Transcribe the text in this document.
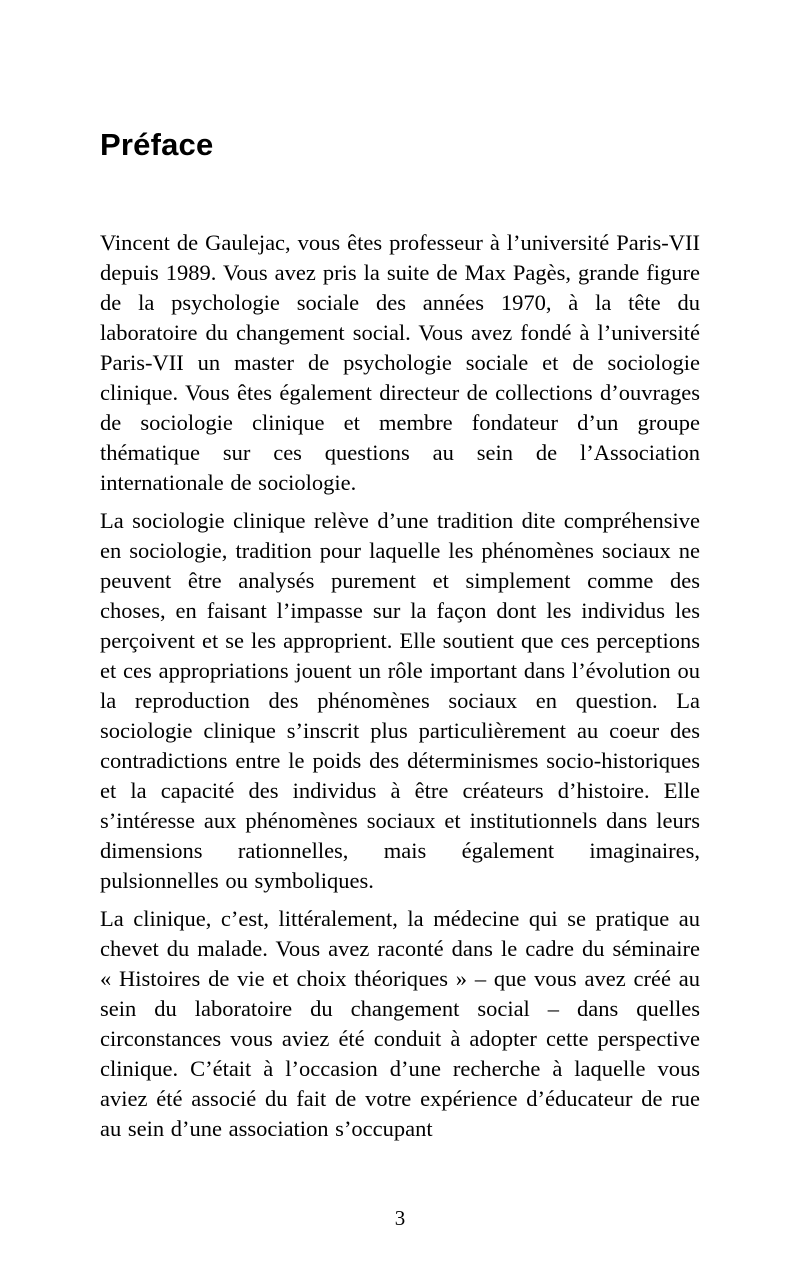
Préface

Vincent de Gaulejac, vous êtes professeur à l’université Paris-VII depuis 1989. Vous avez pris la suite de Max Pagès, grande figure de la psychologie sociale des années 1970, à la tête du laboratoire du changement social. Vous avez fondé à l’université Paris-VII un master de psychologie sociale et de sociologie clinique. Vous êtes également directeur de collections d’ouvrages de sociologie clinique et membre fondateur d’un groupe thématique sur ces questions au sein de l’Association internationale de sociologie.

La sociologie clinique relève d’une tradition dite compréhensive en sociologie, tradition pour laquelle les phénomènes sociaux ne peuvent être analysés purement et simplement comme des choses, en faisant l’impasse sur la façon dont les individus les perçoivent et se les approprient. Elle soutient que ces perceptions et ces appropriations jouent un rôle important dans l’évolution ou la reproduction des phénomènes sociaux en question. La sociologie clinique s’inscrit plus particulièrement au coeur des contradictions entre le poids des déterminismes socio-historiques et la capacité des individus à être créateurs d’histoire. Elle s’intéresse aux phénomènes sociaux et institutionnels dans leurs dimensions rationnelles, mais également imaginaires, pulsionnelles ou symboliques.

La clinique, c’est, littéralement, la médecine qui se pratique au chevet du malade. Vous avez raconté dans le cadre du séminaire « Histoires de vie et choix théoriques » – que vous avez créé au sein du laboratoire du changement social – dans quelles circonstances vous aviez été conduit à adopter cette perspective clinique. C’était à l’occasion d’une recherche à laquelle vous aviez été associé du fait de votre expérience d’éducateur de rue au sein d’une association s’occupant

3
